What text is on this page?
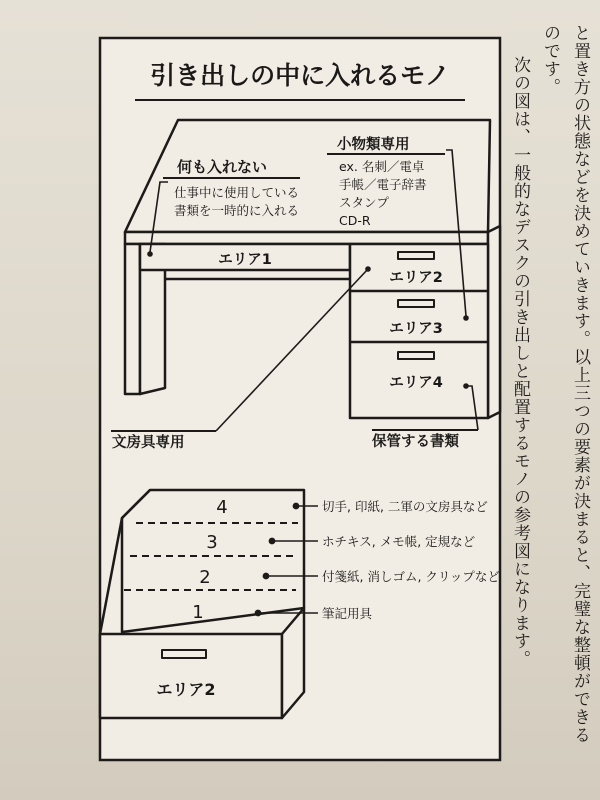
引き出しの中に入れるモノ
何も入れない
仕事中に使用している
書類を一時的に入れる
小物類専用
ex. 名刺／電卓
手帳／電子辞書
スタンプ
CD-R
エリア1
エリア2
エリア3
エリア4
文房具専用	保管する書類
4
3
2
1
切手, 印紙, 二軍の文房具など
ホチキス, メモ帳, 定規など
付箋紙, 消しゴム, クリップなど
筆記用具
エリア2	と置き方の状態などを決めていきます。以上三つの要素が決まると、完璧な整頓ができる
のです。
次の図は、一般的なデスクの引き出しと配置するモノの参考図になります。
